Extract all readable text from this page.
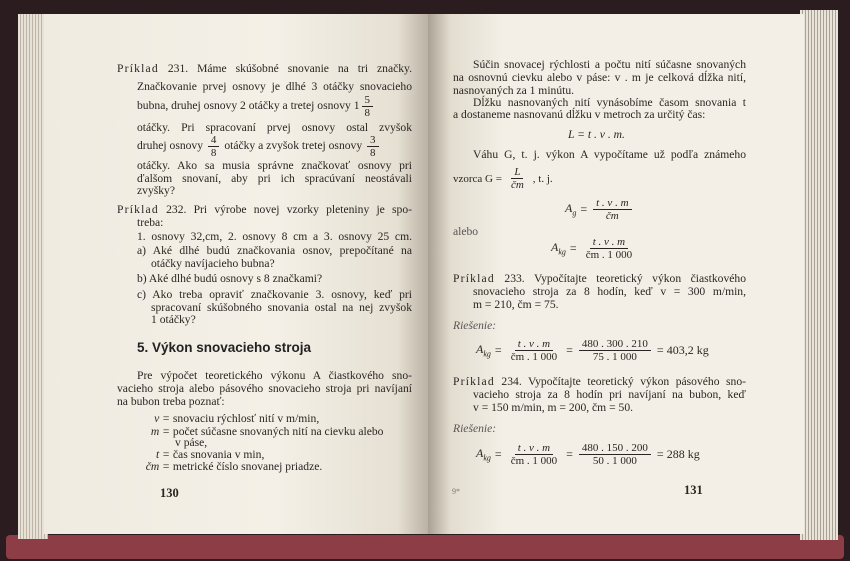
Príklad 231. Máme skúšobné snovanie na tri značky.
Značkovanie prvej osnovy je dlhé 3 otáčky snovacieho
bubna, druhej osnovy 2 otáčky a tretej osnovy $1 \frac{5}{8}$
otáčky. Pri spracovaní prvej osnovy ostal zvyšok
druhej osnovy $\frac{4}{8}$ otáčky a zvyšok tretej osnovy $\frac{3}{8}$
otáčky. Ako sa musia správne značkovať osnovy pri
ďalšom snovaní, aby pri ich spracúvaní neostávali
zvyšky?
Príklad 232. Pri výrobe novej vzorky pleteniny je spo-
treba:
1. osnovy 32,cm, 2. osnovy 8 cm a 3. osnovy 25 cm.
a) Aké dlhé budú značkovania osnov, prepočítané na
otáčky navíjacieho bubna?
b) Aké dlhé budú osnovy s 8 značkami?
c) Ako treba opraviť značkovanie 3. osnovy, keď pri
spracovaní skúšobného snovania ostal na nej zvyšok
1 otáčky?
5. Výkon snovacieho stroja
Pre výpočet teoretického výkonu A čiastkového sno-
vacieho stroja alebo pásového snovacieho stroja pri navíjaní
na bubon treba poznať:
v = snovaciu rýchlosť nití v m/min,
m = počet súčasne snovaných nití na cievku alebo
v páse,
t = čas snovania v min,
čm = metrické číslo snovanej priadze.
130
Súčin snovacej rýchlosti a počtu nití súčasne snovaných
na osnovnú cievku alebo v páse: v . m je celková dĺžka nití,
nasnovaných za 1 minútu.
Dĺžku nasnovaných nití vynásobíme časom snovania t
a dostaneme nasnovanú dĺžku v metroch za určitý čas:
L = t . v . m.
Váhu G, t. j. výkon A vypočítame už podľa známeho
vzorca $G = \frac{L}{čm}$ , t. j.
$A_g = \frac{t . v . m}{čm}$
alebo
$A_{kg} = \frac{t . v . m}{čm . 1 000}$
Príklad 233. Vypočítajte teoretický výkon čiastkového
snovacieho stroja za 8 hodín, keď v = 300 m/min,
m = 210, čm = 75.
Riešenie:
$A_{kg} = \frac{t . v . m}{čm . 1 000} = \frac{480 . 300 . 210}{75 . 1 000} = 403,2$ kg
Príklad 234. Vypočítajte teoretický výkon pásového sno-
vacieho stroja za 8 hodín pri navíjaní na bubon, keď
v = 150 m/min, m = 200, čm = 50.
Riešenie:
$A_{kg} = \frac{t . v . m}{čm . 1 000} = \frac{480 . 150 . 200}{50 . 1 000} = 288$ kg
9*	131
